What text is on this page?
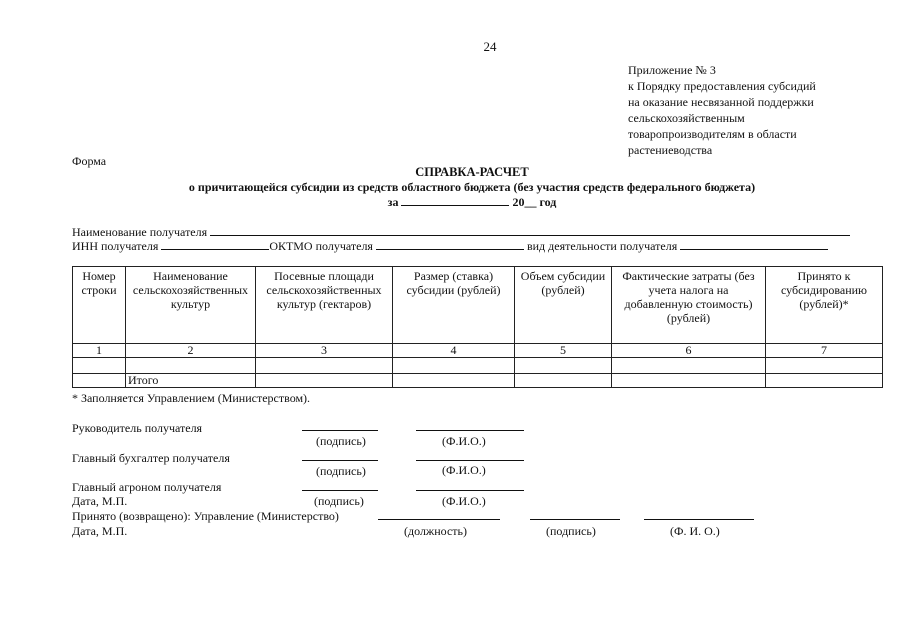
24
Приложение № 3
к Порядку предоставления субсидий
на оказание несвязанной поддержки
сельскохозяйственным
товаропроизводителям в области
растениеводства
Форма
СПРАВКА-РАСЧЕТ
о причитающейся субсидии из средств областного бюджета (без участия средств федерального бюджета)
за	20__ год
Наименование получателя
ИНН получателя	ОКТМО получателя	вид деятельности получателя
Номер строки	Наименование сельскохозяйственных культур	Посевные площади сельскохозяйственных культур (гектаров)	Размер (ставка) субсидии (рублей)	Объем субсидии (рублей)	Фактические затраты (без учета налога на добавленную стоимость) (рублей)	Принято к субсидированию (рублей)*
1	2	3	4	5	6	7

	Итого					
* Заполняется Управлением (Министерством).
Руководитель получателя
(подпись)	(Ф.И.О.)
Главный бухгалтер получателя
(подпись)	(Ф.И.О.)
Главный агроном получателя
Дата, М.П.	(подпись)	(Ф.И.О.)
Принято (возвращено): Управление (Министерство)
Дата, М.П.	(должность)	(подпись)	(Ф. И. О.)
